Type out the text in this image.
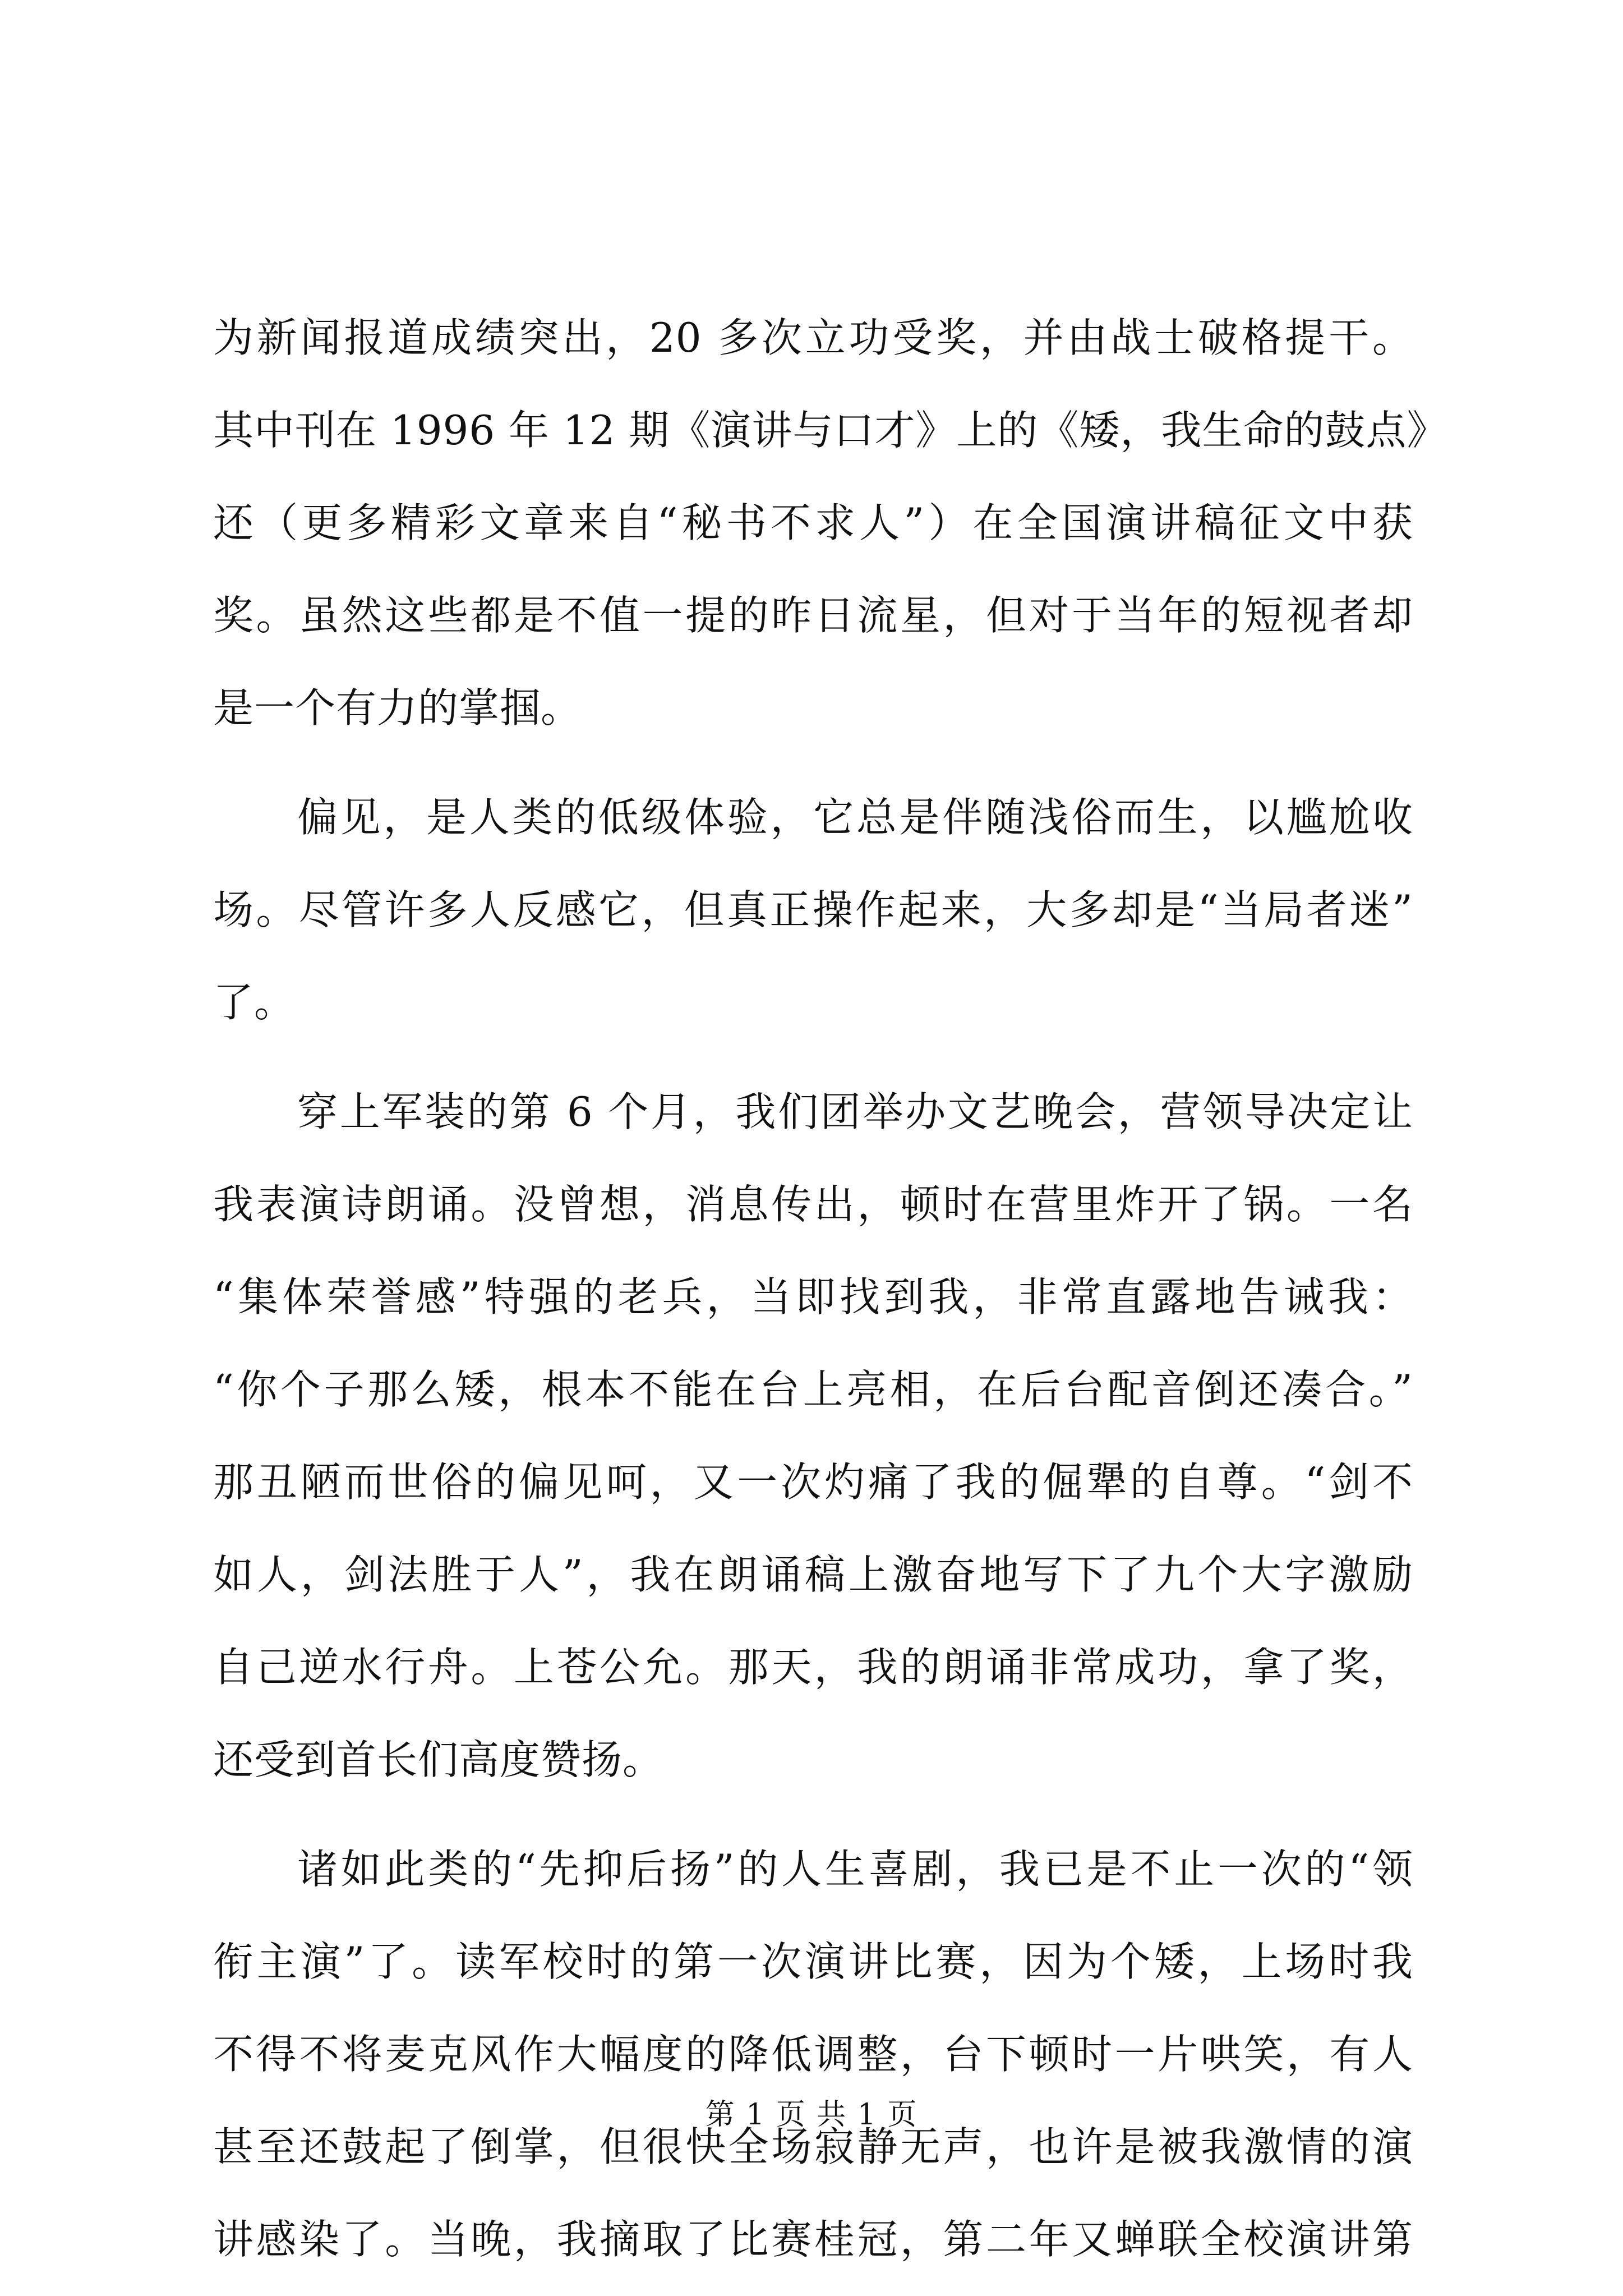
为新闻报道成绩突出，20 多次立功受奖，并由战士破格提干。
其中刊在 1996 年 12 期《演讲与口才》上的《矮，我生命的鼓点》
还（更多精彩文章来自“秘书不求人”）在全国演讲稿征文中获
奖。虽然这些都是不值一提的昨日流星，但对于当年的短视者却
是一个有力的掌掴。
偏见，是人类的低级体验，它总是伴随浅俗而生，以尴尬收
场。尽管许多人反感它，但真正操作起来，大多却是“当局者迷”
了。
穿上军装的第 6 个月，我们团举办文艺晚会，营领导决定让
我表演诗朗诵。没曾想，消息传出，顿时在营里炸开了锅。一名
“集体荣誉感”特强的老兵，当即找到我，非常直露地告诫我：
“你个子那么矮，根本不能在台上亮相，在后台配音倒还凑合。”
那丑陋而世俗的偏见呵，又一次灼痛了我的倔犟的自尊。“剑不
如人，剑法胜于人”，我在朗诵稿上激奋地写下了九个大字激励
自己逆水行舟。上苍公允。那天，我的朗诵非常成功，拿了奖，
还受到首长们高度赞扬。
诸如此类的“先抑后扬”的人生喜剧，我已是不止一次的“领
衔主演”了。读军校时的第一次演讲比赛，因为个矮，上场时我
不得不将麦克风作大幅度的降低调整，台下顿时一片哄笑，有人
甚至还鼓起了倒掌，但很快全场寂静无声，也许是被我激情的演
讲感染了。当晚，我摘取了比赛桂冠，第二年又蝉联全校演讲第
第 1 页 共 1 页
